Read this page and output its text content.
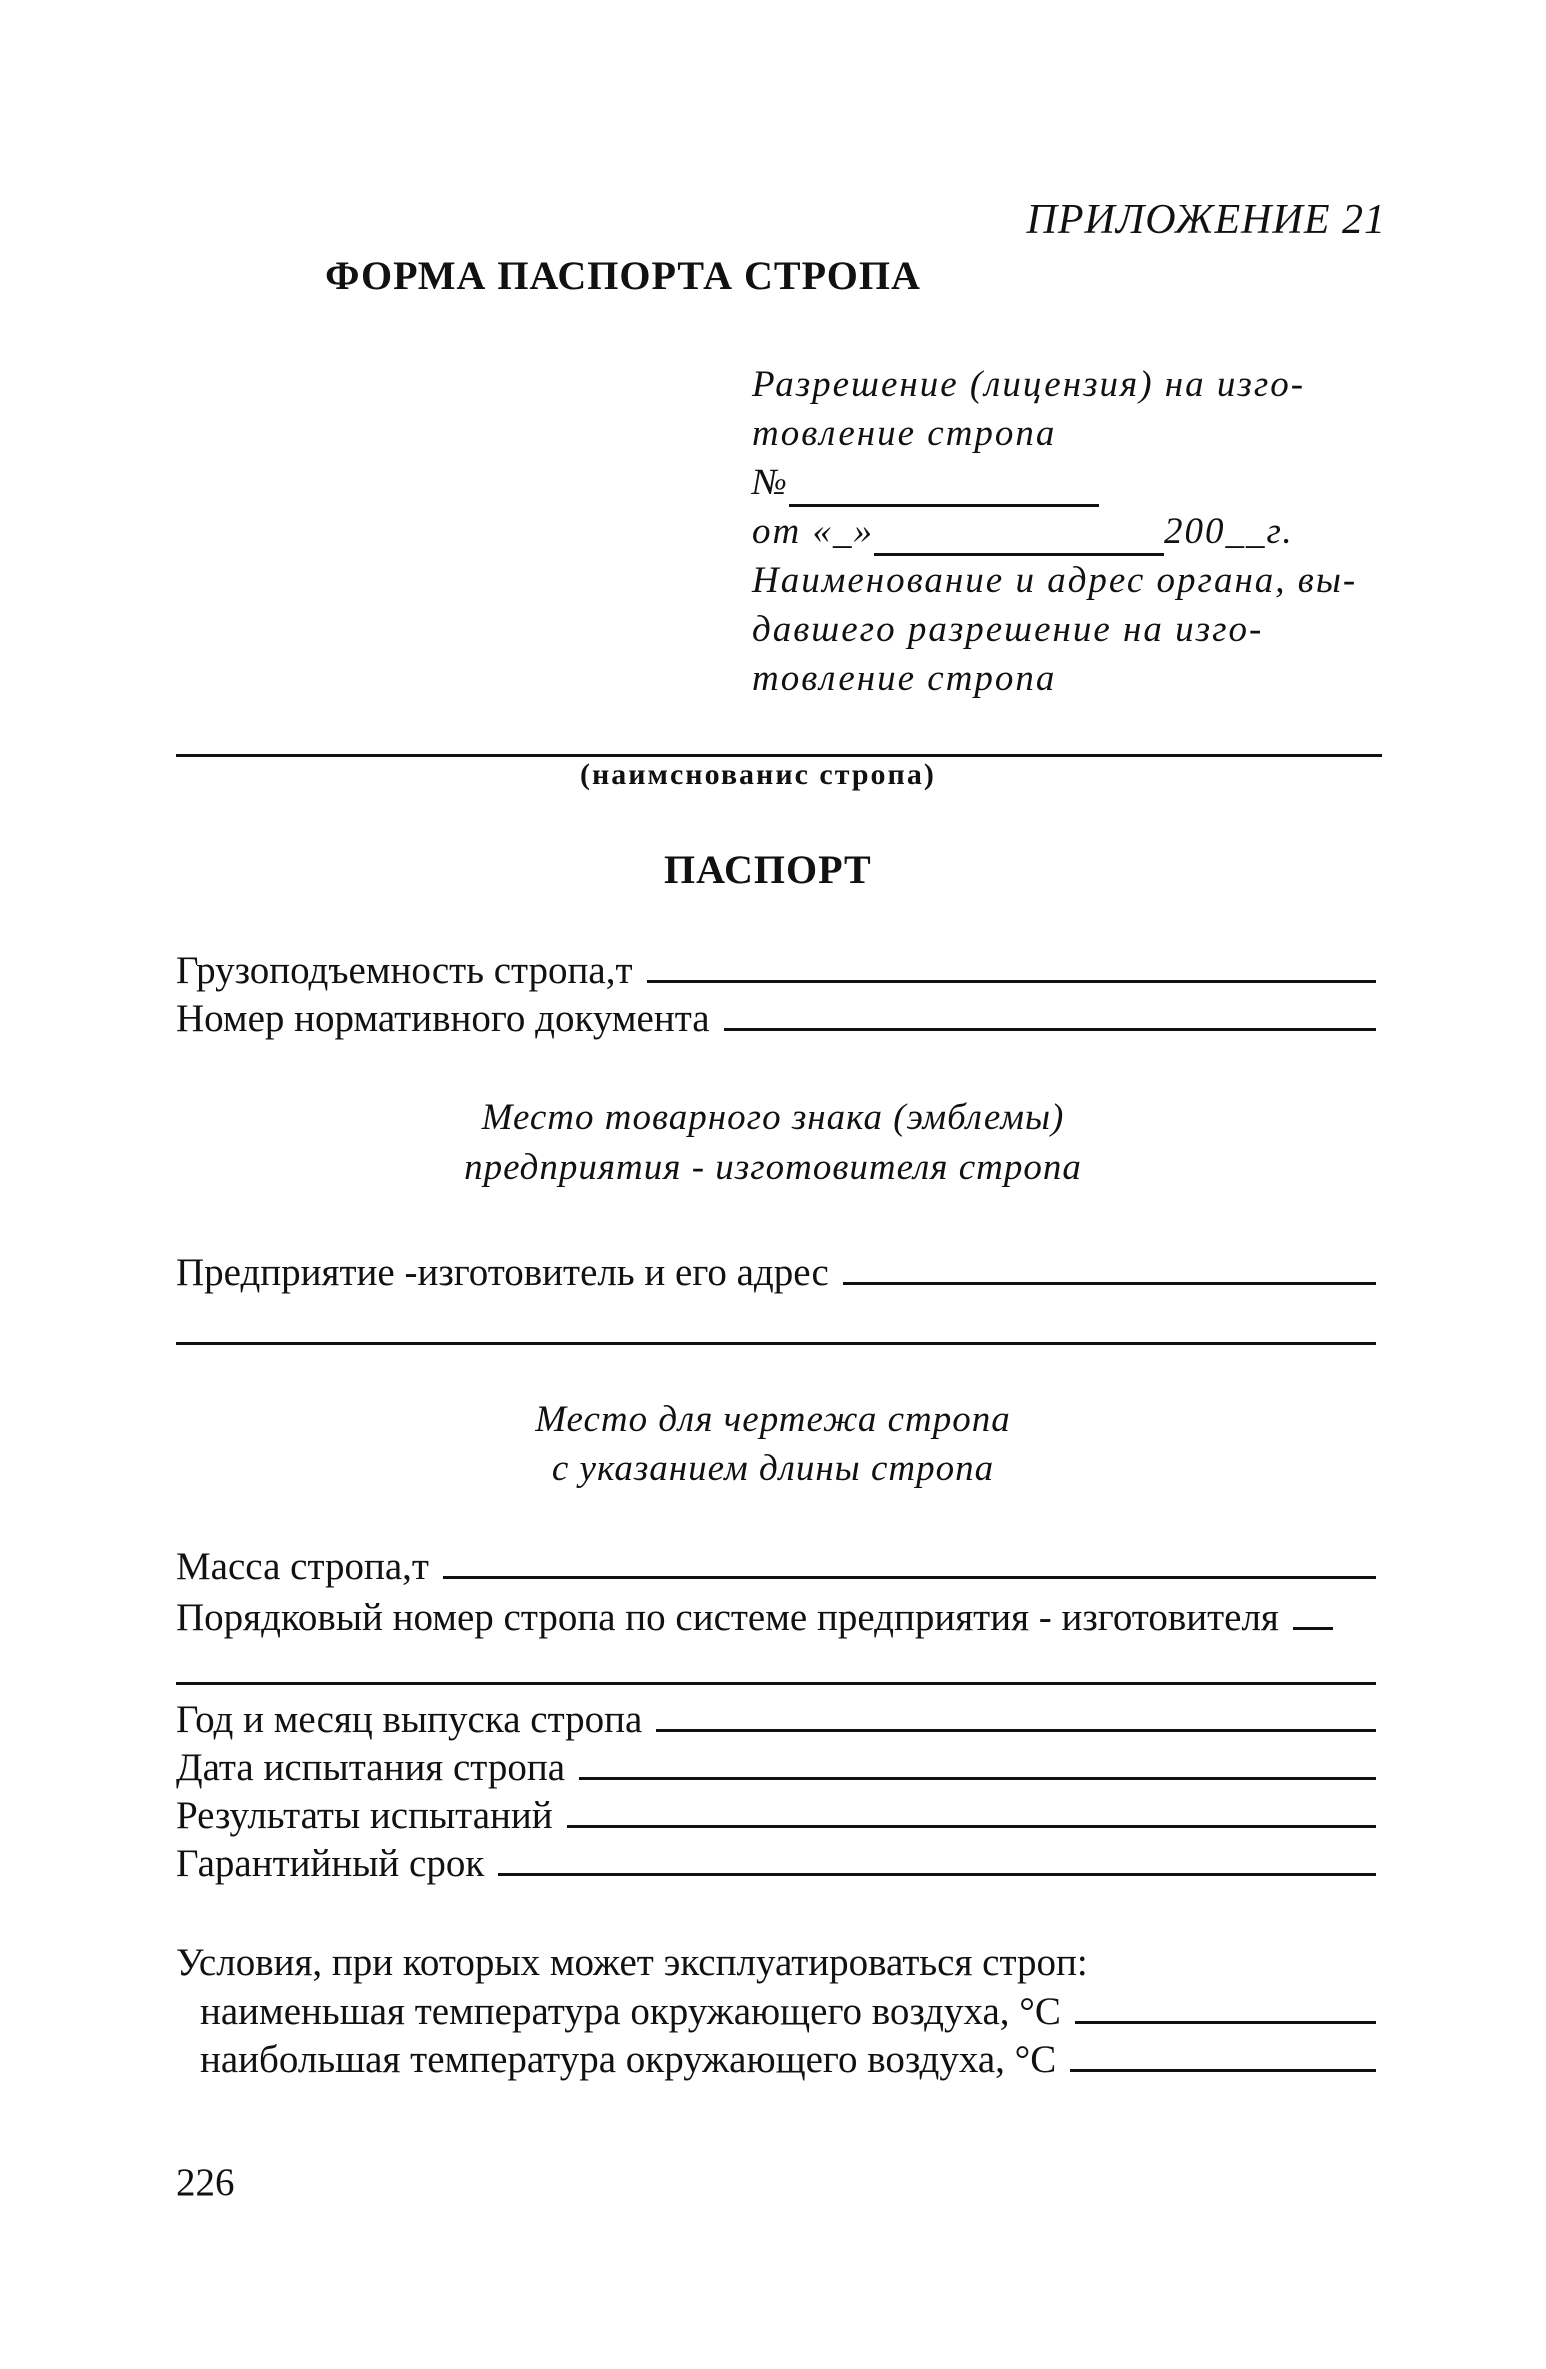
ПРИЛОЖЕНИЕ 21
ФОРМА ПАСПОРТА СТРОПА
Разрешение (лицензия) на изго-
товление стропа
№
от «_»	200__г.
Наименование и адрес органа, вы-
давшего разрешение на изго-
товление стропа
(наимснованис стропа)
ПАСПОРТ
Грузоподъемность стропа,т
Номер нормативного документа
Место товарного знака (эмблемы)
предприятия - изготовителя стропа
Предприятие -изготовитель и его адрес
Место для чертежа стропа
с указанием длины стропа
Масса стропа,т
Порядковый номер стропа по системе предприятия - изготовителя
Год и месяц выпуска стропа
Дата испытания стропа
Результаты испытаний
Гарантийный срок
Условия, при которых может эксплуатироваться строп:
наименьшая температура окружающего воздуха, °С
наибольшая температура окружающего воздуха, °С
226
